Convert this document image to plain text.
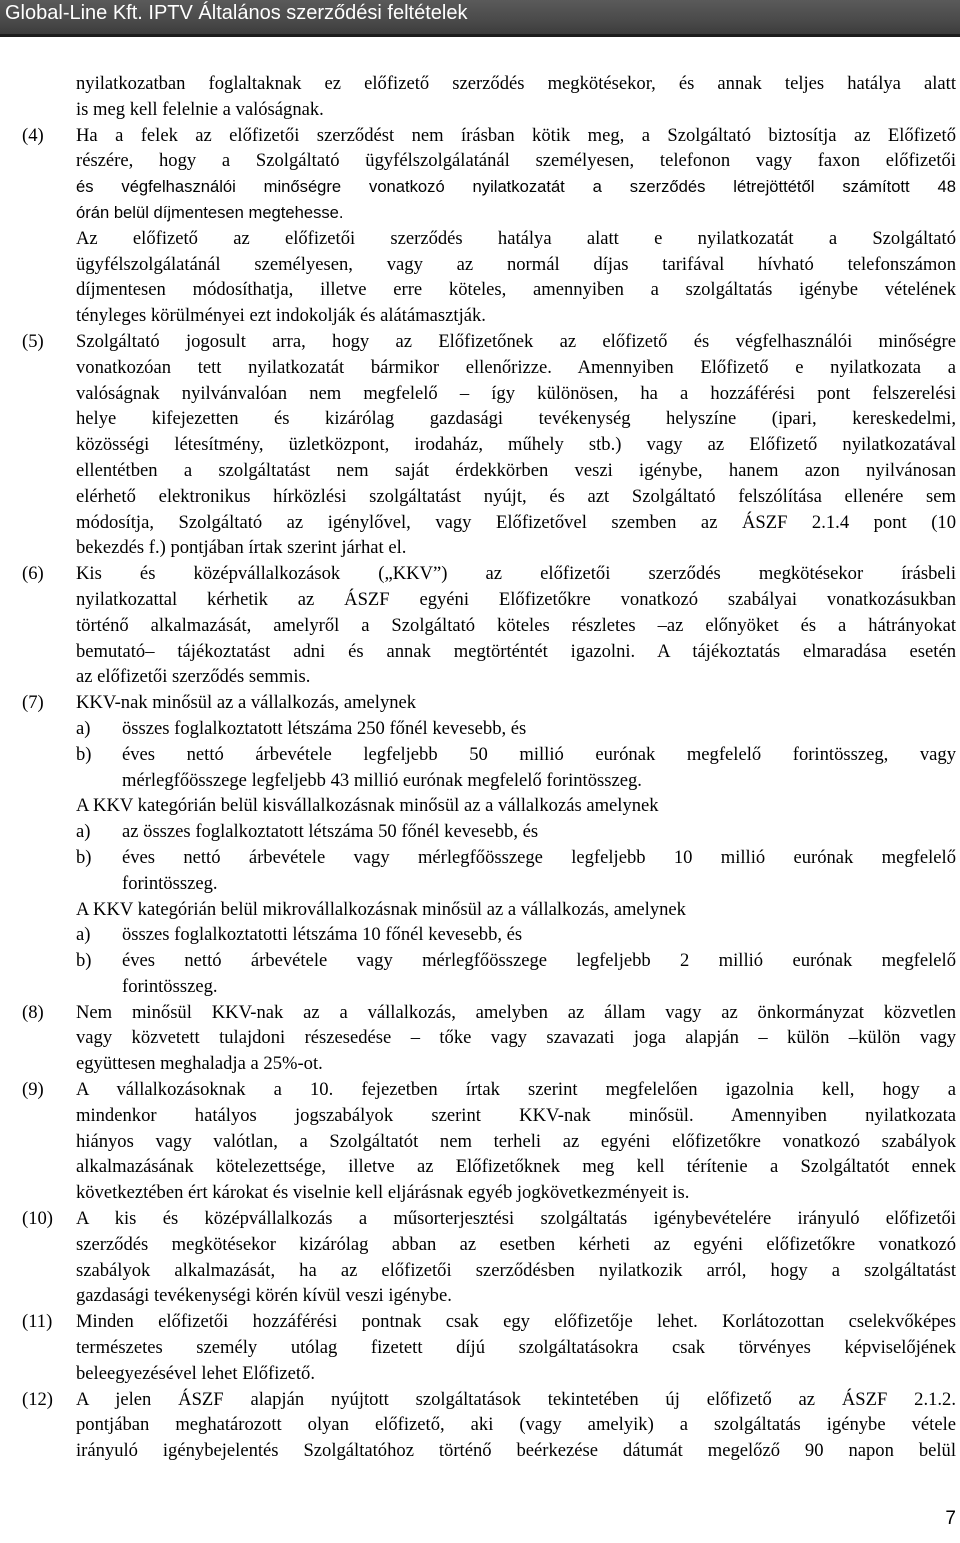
Global-Line Kft. IPTV Általános szerződési feltételek
nyilatkozatban foglaltaknak ez előfizető szerződés megkötésekor, és annak teljes hatálya alatt
is meg kell felelnie a valóságnak.
(4)	Ha a felek az előfizetői szerződést nem írásban kötik meg, a Szolgáltató biztosítja az Előfizető
részére, hogy a Szolgáltató ügyfélszolgálatánál személyesen, telefonon vagy faxon előfizetői
és végfelhasználói minőségre vonatkozó nyilatkozatát a szerződés létrejöttétől számított 48
órán belül díjmentesen megtehesse.
Az előfizető az előfizetői szerződés hatálya alatt e nyilatkozatát a Szolgáltató
ügyfélszolgálatánál személyesen, vagy az normál díjas tarifával hívható telefonszámon
díjmentesen módosíthatja, illetve erre köteles, amennyiben a szolgáltatás igénybe vételének
tényleges körülményei ezt indokolják és alátámasztják.
(5)	Szolgáltató jogosult arra, hogy az Előfizetőnek az előfizető és végfelhasználói minőségre
vonatkozóan tett nyilatkozatát bármikor ellenőrizze. Amennyiben Előfizető e nyilatkozata a
valóságnak nyilvánvalóan nem megfelelő – így különösen, ha a hozzáférési pont felszerelési
helye kifejezetten és kizárólag gazdasági tevékenység helyszíne (ipari, kereskedelmi,
közösségi létesítmény, üzletközpont, irodaház, műhely stb.) vagy az Előfizető nyilatkozatával
ellentétben a szolgáltatást nem saját érdekkörben veszi igénybe, hanem azon nyilvánosan
elérhető elektronikus hírközlési szolgáltatást nyújt, és azt Szolgáltató felszólítása ellenére sem
módosítja, Szolgáltató az igénylővel, vagy Előfizetővel szemben az ÁSZF 2.1.4 pont (10
bekezdés f.) pontjában írtak szerint járhat el.
(6)	Kis és középvállalkozások („KKV”) az előfizetői szerződés megkötésekor írásbeli
nyilatkozattal kérhetik az ÁSZF egyéni Előfizetőkre vonatkozó szabályai vonatkozásukban
történő alkalmazását, amelyről a Szolgáltató köteles részletes –az előnyöket és a hátrányokat
bemutató– tájékoztatást adni és annak megtörténtét igazolni. A tájékoztatás elmaradása esetén
az előfizetői szerződés semmis.
(7)	KKV-nak minősül az a vállalkozás, amelynek
a)	összes foglalkoztatott létszáma 250 főnél kevesebb, és
b)	éves nettó árbevétele legfeljebb 50 millió eurónak megfelelő forintösszeg, vagy
mérlegfőösszege legfeljebb 43 millió eurónak megfelelő forintösszeg.
A KKV kategórián belül kisvállalkozásnak minősül az a vállalkozás amelynek
a)	az összes foglalkoztatott létszáma 50 főnél kevesebb, és
b)	éves nettó árbevétele vagy mérlegfőösszege legfeljebb 10 millió eurónak megfelelő
forintösszeg.
A KKV kategórián belül mikrovállalkozásnak minősül az a vállalkozás, amelynek
a)	összes foglalkoztatotti létszáma 10 főnél kevesebb, és
b)	éves nettó árbevétele vagy mérlegfőösszege legfeljebb 2 millió eurónak megfelelő
forintösszeg.
(8)	Nem minősül KKV-nak az a vállalkozás, amelyben az állam vagy az önkormányzat közvetlen
vagy közvetett tulajdoni részesedése – tőke vagy szavazati joga alapján – külön –külön vagy
együttesen meghaladja a 25%-ot.
(9)	A vállalkozásoknak a 10. fejezetben írtak szerint megfelelően igazolnia kell, hogy a
mindenkor hatályos jogszabályok szerint KKV-nak minősül. Amennyiben nyilatkozata
hiányos vagy valótlan, a Szolgáltatót nem terheli az egyéni előfizetőkre vonatkozó szabályok
alkalmazásának kötelezettsége, illetve az Előfizetőknek meg kell térítenie a Szolgáltatót ennek
következtében ért károkat és viselnie kell eljárásnak egyéb jogkövetkezményeit is.
(10)	A kis és középvállalkozás a műsorterjesztési szolgáltatás igénybevételére irányuló előfizetői
szerződés megkötésekor kizárólag abban az esetben kérheti az egyéni előfizetőkre vonatkozó
szabályok alkalmazását, ha az előfizetői szerződésben nyilatkozik arról, hogy a szolgáltatást
gazdasági tevékenységi körén kívül veszi igénybe.
(11)	Minden előfizetői hozzáférési pontnak csak egy előfizetője lehet. Korlátozottan cselekvőképes
természetes személy utólag fizetett díjú szolgáltatásokra csak törvényes képviselőjének
beleegyezésével lehet Előfizető.
(12)	A jelen ÁSZF alapján nyújtott szolgáltatások tekintetében új előfizető az ÁSZF 2.1.2.
pontjában meghatározott olyan előfizető, aki (vagy amelyik) a szolgáltatás igénybe vétele
irányuló igénybejelentés Szolgáltatóhoz történő beérkezése dátumát megelőző 90 napon belül
7
